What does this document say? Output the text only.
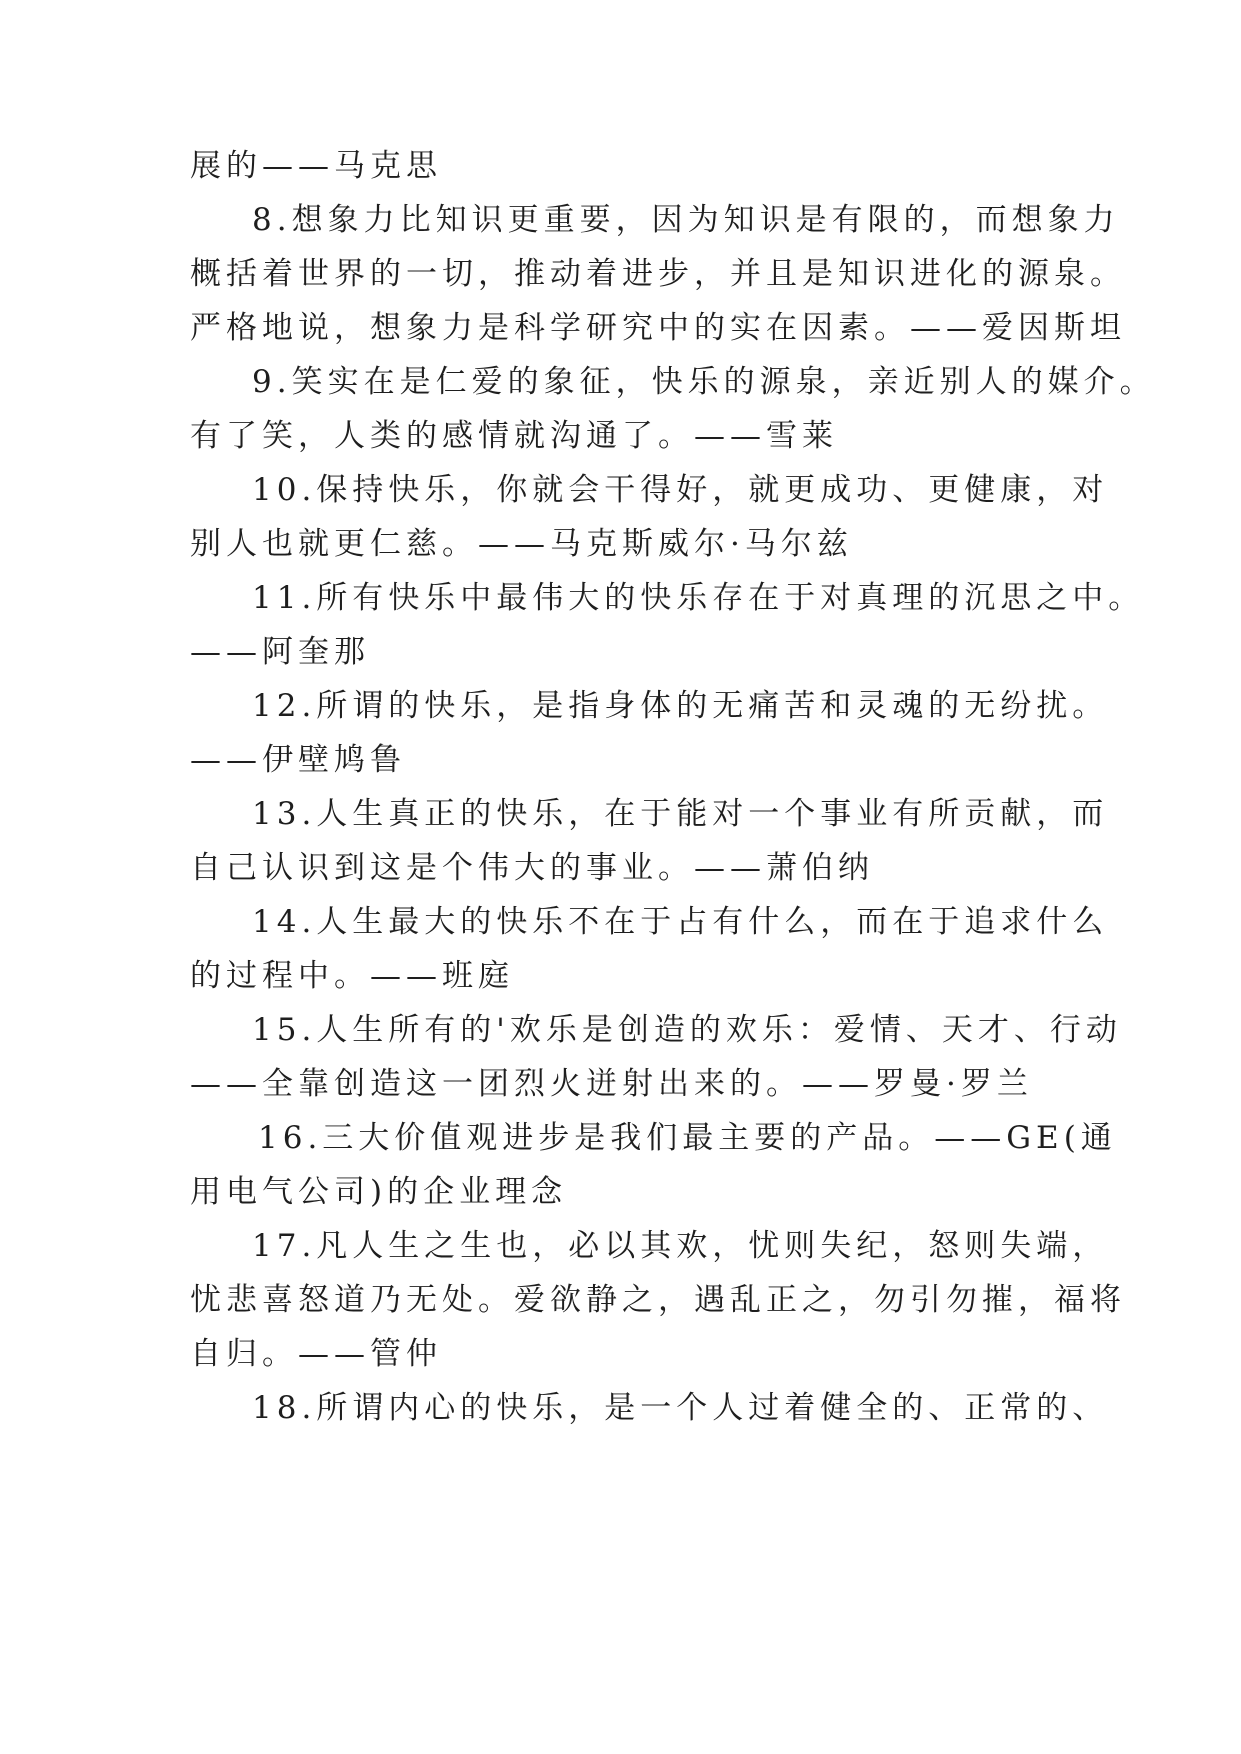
展的——马克思
8.想象力比知识更重要，因为知识是有限的，而想象力
概括着世界的一切，推动着进步，并且是知识进化的源泉。
严格地说，想象力是科学研究中的实在因素。——爱因斯坦
9.笑实在是仁爱的象征，快乐的源泉，亲近别人的媒介。
有了笑，人类的感情就沟通了。——雪莱
10.保持快乐，你就会干得好，就更成功、更健康，对
别人也就更仁慈。——马克斯威尔·马尔兹
11.所有快乐中最伟大的快乐存在于对真理的沉思之中。
——阿奎那
12.所谓的快乐，是指身体的无痛苦和灵魂的无纷扰。
——伊壁鸠鲁
13.人生真正的快乐，在于能对一个事业有所贡献，而
自己认识到这是个伟大的事业。——萧伯纳
14.人生最大的快乐不在于占有什么，而在于追求什么
的过程中。——班庭
15.人生所有的'欢乐是创造的欢乐：爱情、天才、行动
——全靠创造这一团烈火迸射出来的。——罗曼·罗兰
16.三大价值观进步是我们最主要的产品。——GE(通
用电气公司)的企业理念
17.凡人生之生也，必以其欢，忧则失纪，怒则失端，
忧悲喜怒道乃无处。爱欲静之，遇乱正之，勿引勿摧，福将
自归。——管仲
18.所谓内心的快乐，是一个人过着健全的、正常的、
